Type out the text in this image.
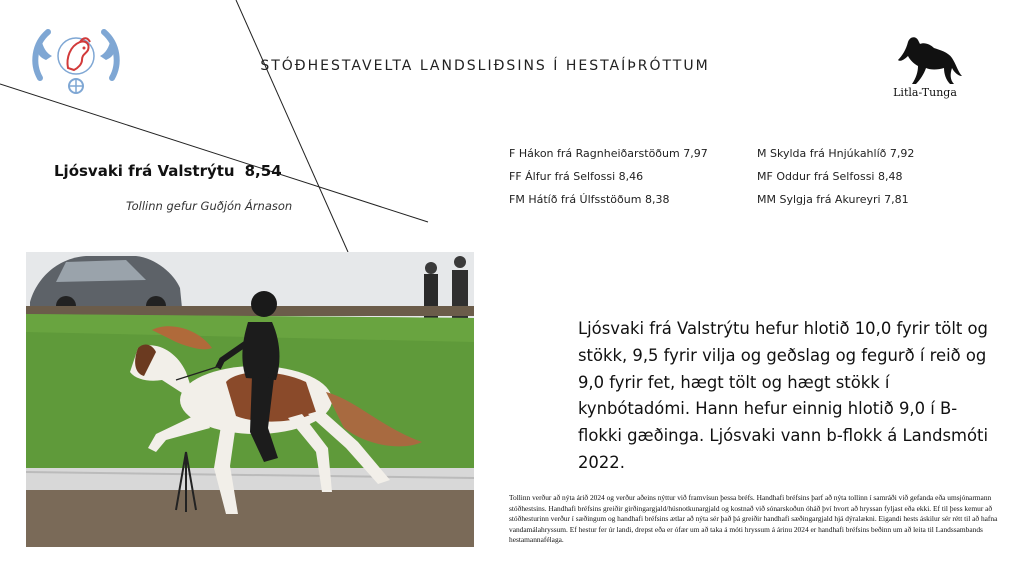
STÓÐHESTAVELTA LANDSLIÐSINS Í HESTAÍÞRÓTTUM
Litla-Tunga
Ljósvaki frá Valstrýtu 8,54
Tollinn gefur Guðjón Árnason
F Hákon frá Ragnheiðarstöðum 7,97
FF Álfur frá Selfossi 8,46
FM Hátíð frá Úlfsstöðum 8,38
M Skylda frá Hnjúkahlíð 7,92
MF Oddur frá Selfossi 8,48
MM Sylgja frá Akureyri 7,81
Ljósvaki frá Valstrýtu hefur hlotið 10,0 fyrir tölt og stökk, 9,5 fyrir vilja og geðslag og fegurð í reið og 9,0 fyrir fet, hægt tölt og hægt stökk í kynbótadómi. Hann hefur einnig hlotið 9,0 í B-flokki gæðinga. Ljósvaki vann b-flokk á Landsmóti 2022.
Tollinn verður að nýta árið 2024 og verður aðeins nýttur við framvísun þessa bréfs. Handhafi bréfsins þarf að nýta tollinn í samráði við gefanda eða umsjónarmann stóðhestsins. Handhafi bréfsins greiðir girðingargjald/húsnotkunargjald og kostnað við sónarskoðun óháð því hvort að hryssan fyljast eða ekki. Ef til þess kemur að stóðhesturinn verður í sæðingum og handhafi bréfsins ætlar að nýta sér það þá greiðir handhafi sæðingargjald hjá dýralækni. Eigandi hests áskilur sér rétt til að hafna vandamálahryssum. Ef hestur fer úr landi, drepst eða er ófær um að taka á móti hryssum á árinu 2024 er handhafi bréfsins beðinn um að leita til Landssambands hestamannafélaga.
